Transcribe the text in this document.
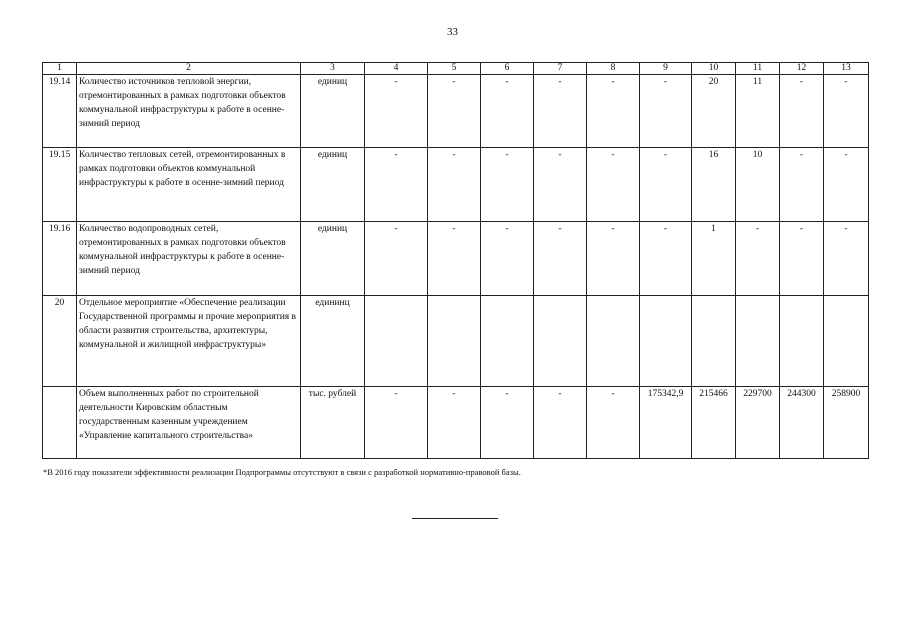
33
1	2	3	4	5	6	7	8	9	10	11	12	13
19.14	Количество источников тепловой энергии, отремонтированных в рамках подготовки объектов коммунальной инфраструктуры к работе в осенне-зимний период	единиц	-	-	-	-	-	-	20	11	-	-
19.15	Количество тепловых сетей, отремонтированных в рамках подготовки объектов коммунальной инфраструктуры к работе в осенне-зимний период	единиц	-	-	-	-	-	-	16	10	-	-
19.16	Количество водопроводных сетей, отремонтированных в рамках подготовки объектов коммунальной инфраструктуры к работе в осенне-зимний период	единиц	-	-	-	-	-	-	1	-	-	-
20	Отдельное мероприятие «Обеспечение реализации Государственной программы и прочие мероприятия в области развития строительства, архитектуры, коммунальной и жилищной инфраструктуры»	едининц										
	Объем выполненных работ по строительной деятельности Кировским областным государственным казенным учреждением «Управление капитального строительства»	тыс. рублей	-	-	-	-	-	175342,9	215466	229700	244300	258900
*В 2016 году показатели эффективности реализации Подпрограммы отсутствуют в связи с разработкой нормативно-правовой базы.
